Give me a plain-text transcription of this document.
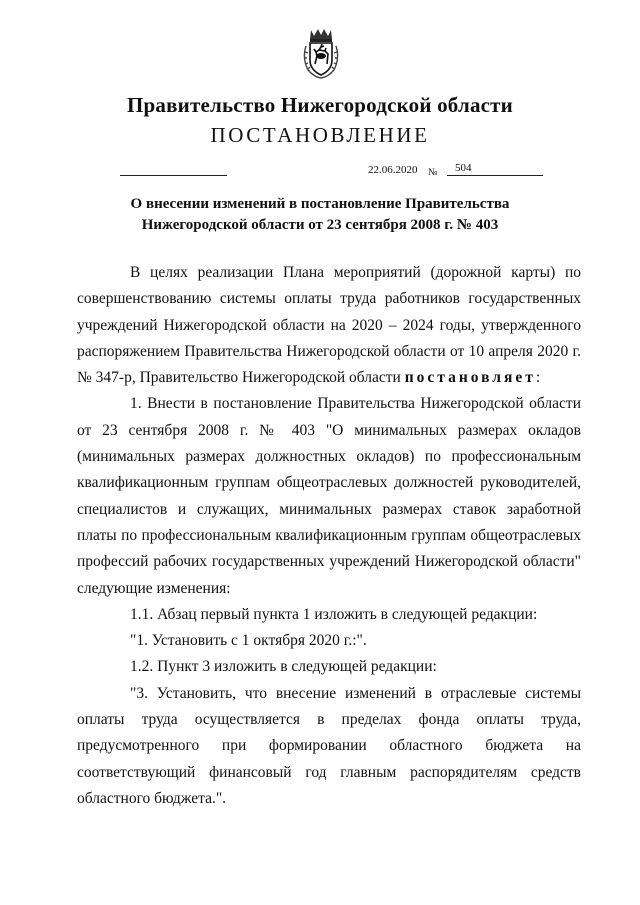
Правительство Нижегородской области
ПОСТАНОВЛЕНИЕ
22.06.2020 № 504
О внесении изменений в постановление Правительства
Нижегородской области от 23 сентября 2008 г. № 403

В целях реализации Плана мероприятий (дорожной карты) по совершенствованию системы оплаты труда работников государственных учреждений Нижегородской области на 2020 – 2024 годы, утвержденного распоряжением Правительства Нижегородской области от 10 апреля 2020 г. № 347-р, Правительство Нижегородской области постановляет:

1. Внести в постановление Правительства Нижегородской области от 23 сентября 2008 г. № 403 "О минимальных размерах окладов (минимальных размерах должностных окладов) по профессиональным квалификационным группам общеотраслевых должностей руководителей, специалистов и служащих, минимальных размерах ставок заработной платы по профессиональным квалификационным группам общеотраслевых профессий рабочих государственных учреждений Нижегородской области" следующие изменения:

1.1. Абзац первый пункта 1 изложить в следующей редакции:

"1. Установить с 1 октября 2020 г.:".

1.2. Пункт 3 изложить в следующей редакции:

"3. Установить, что внесение изменений в отраслевые системы оплаты труда осуществляется в пределах фонда оплаты труда, предусмотренного при формировании областного бюджета на соответствующий финансовый год главным распорядителям средств областного бюджета.".
